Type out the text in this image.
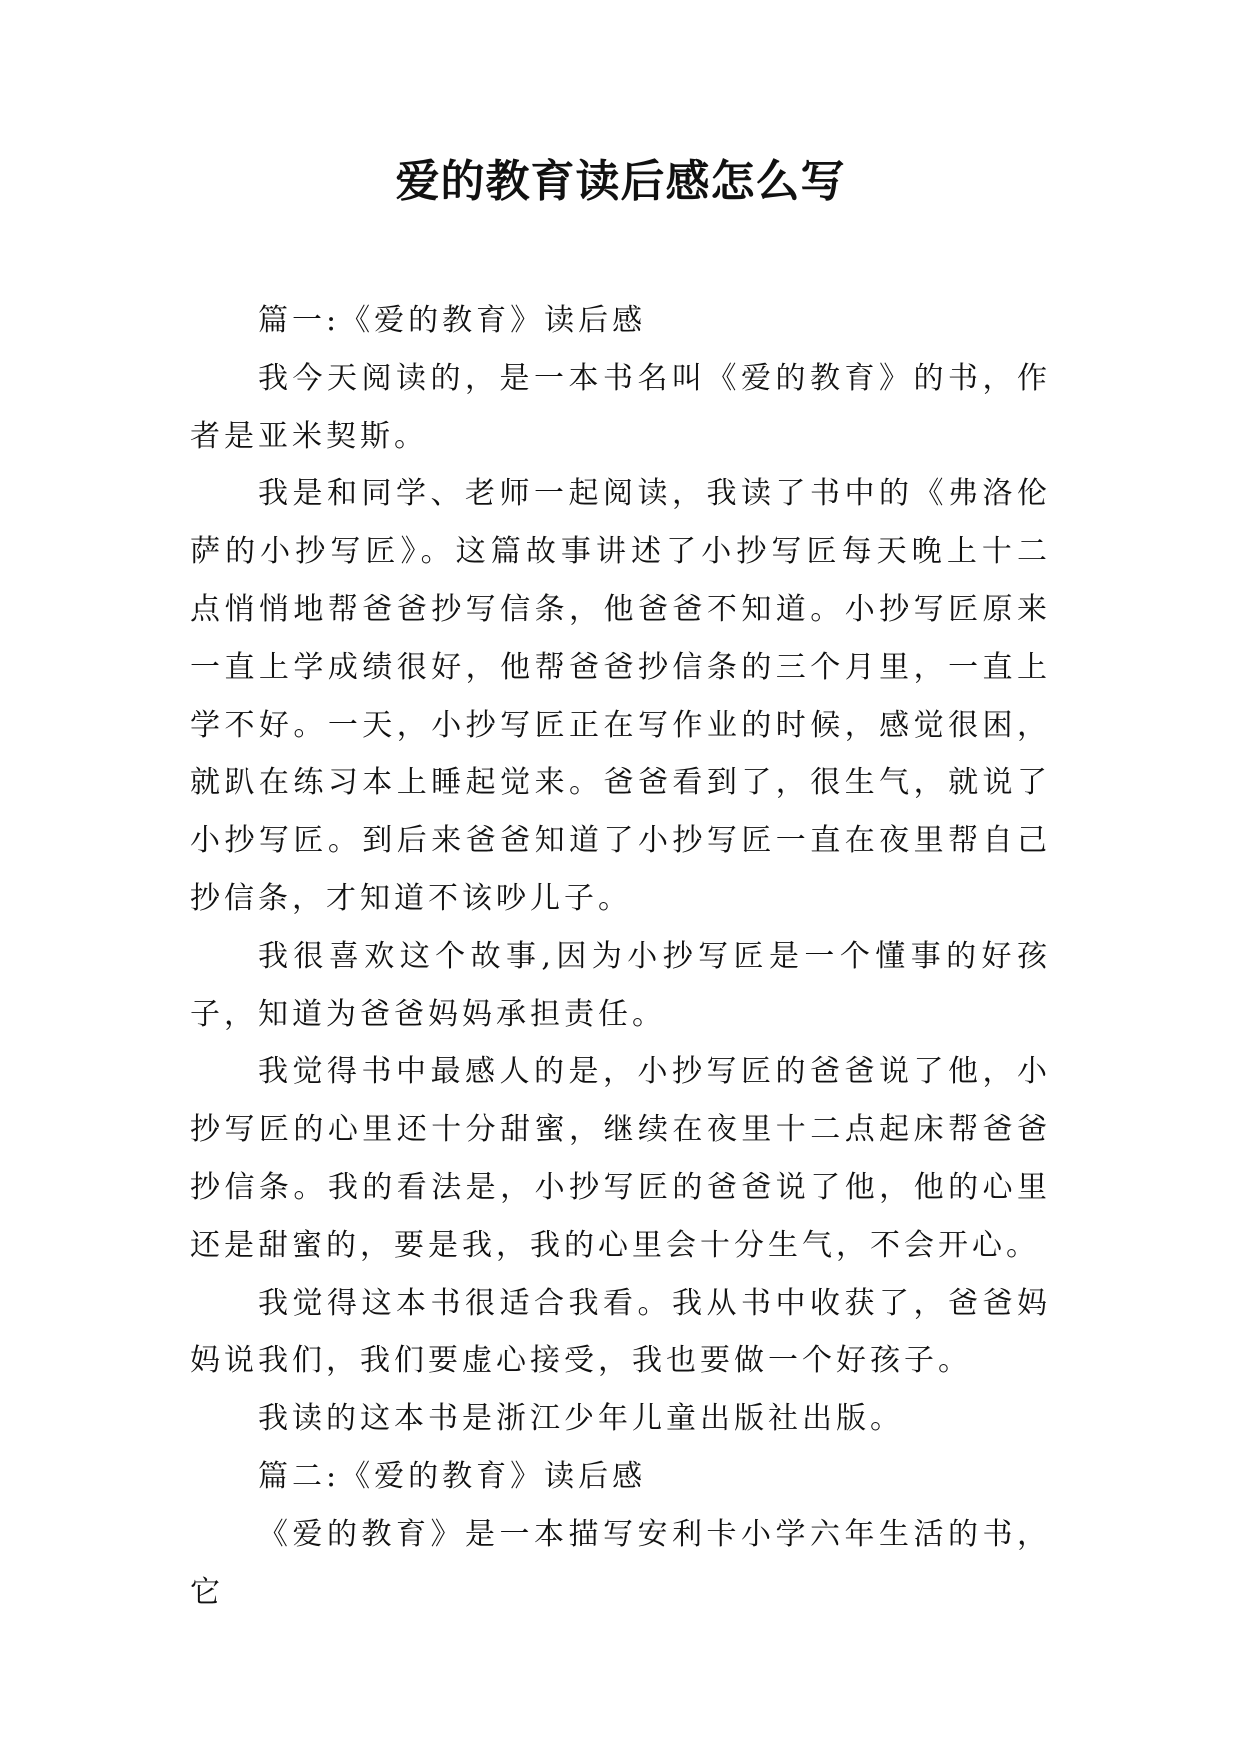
爱的教育读后感怎么写

篇一:《爱的教育》读后感

我今天阅读的，是一本书名叫《爱的教育》的书，作者是亚米契斯。

我是和同学、老师一起阅读，我读了书中的《弗洛伦萨的小抄写匠》。这篇故事讲述了小抄写匠每天晚上十二点悄悄地帮爸爸抄写信条，他爸爸不知道。小抄写匠原来一直上学成绩很好，他帮爸爸抄信条的三个月里，一直上学不好。一天，小抄写匠正在写作业的时候，感觉很困，就趴在练习本上睡起觉来。爸爸看到了，很生气，就说了小抄写匠。到后来爸爸知道了小抄写匠一直在夜里帮自己抄信条，才知道不该吵儿子。

我很喜欢这个故事,因为小抄写匠是一个懂事的好孩子，知道为爸爸妈妈承担责任。

我觉得书中最感人的是，小抄写匠的爸爸说了他，小抄写匠的心里还十分甜蜜，继续在夜里十二点起床帮爸爸抄信条。我的看法是，小抄写匠的爸爸说了他，他的心里还是甜蜜的，要是我，我的心里会十分生气，不会开心。

我觉得这本书很适合我看。我从书中收获了，爸爸妈妈说我们，我们要虚心接受，我也要做一个好孩子。

我读的这本书是浙江少年儿童出版社出版。

篇二:《爱的教育》读后感

《爱的教育》是一本描写安利卡小学六年生活的书，它
